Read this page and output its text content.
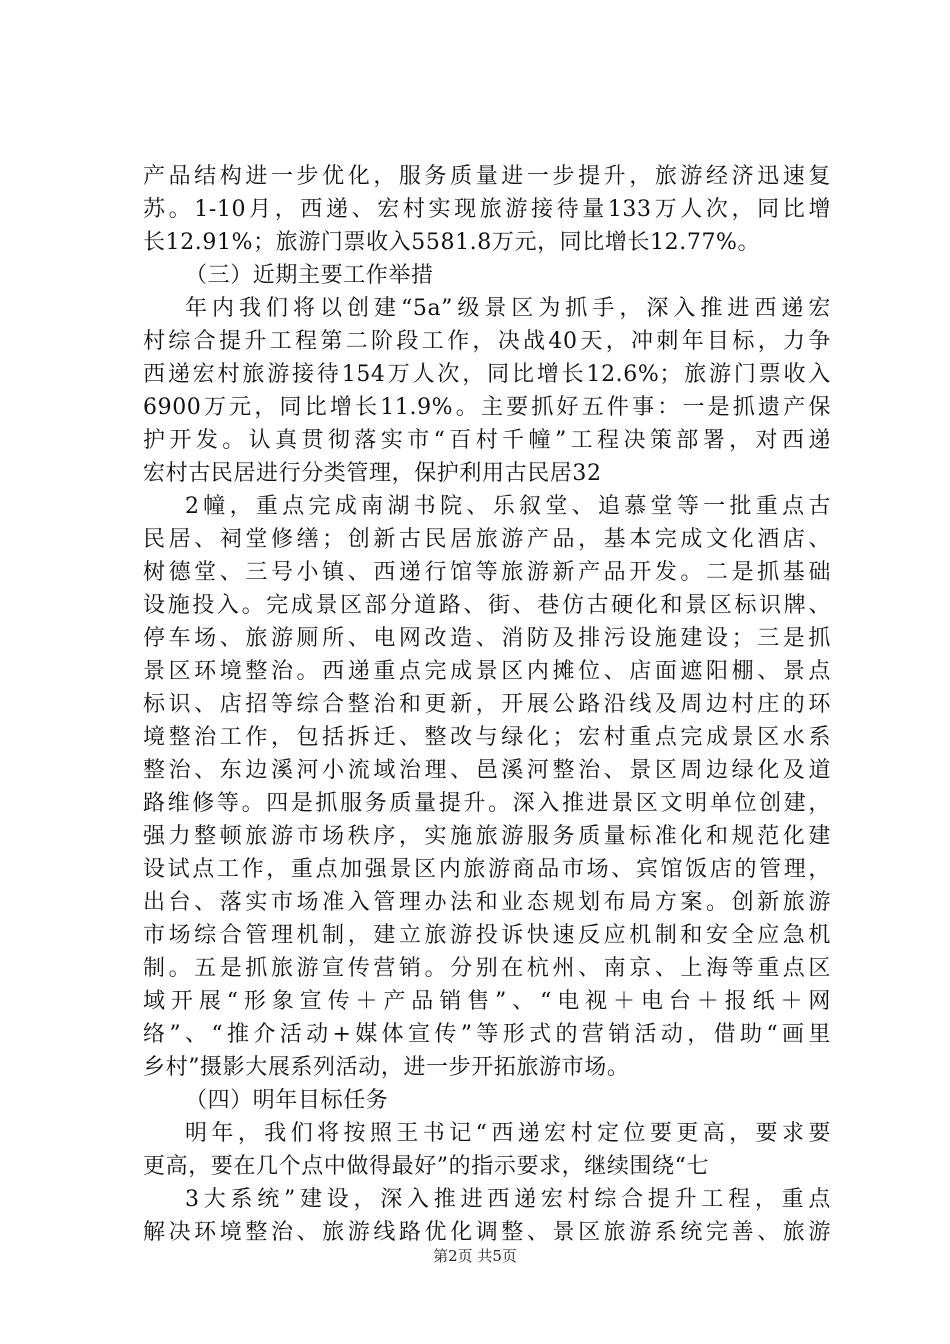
产品结构进一步优化，服务质量进一步提升，旅游经济迅速复
苏。1-10月，西递、宏村实现旅游接待量133万人次，同比增
长12.91%；旅游门票收入5581.8万元，同比增长12.77%。
（三）近期主要工作举措
年内我们将以创建“5a”级景区为抓手，深入推进西递宏
村综合提升工程第二阶段工作，决战40天，冲刺年目标，力争
西递宏村旅游接待154万人次，同比增长12.6%；旅游门票收入
6900万元，同比增长11.9%。主要抓好五件事：一是抓遗产保
护开发。认真贯彻落实市“百村千幢”工程决策部署，对西递
宏村古民居进行分类管理，保护利用古民居32
2幢，重点完成南湖书院、乐叙堂、追慕堂等一批重点古
民居、祠堂修缮；创新古民居旅游产品，基本完成文化酒店、
树德堂、三号小镇、西递行馆等旅游新产品开发。二是抓基础
设施投入。完成景区部分道路、街、巷仿古硬化和景区标识牌、
停车场、旅游厕所、电网改造、消防及排污设施建设；三是抓
景区环境整治。西递重点完成景区内摊位、店面遮阳棚、景点
标识、店招等综合整治和更新，开展公路沿线及周边村庄的环
境整治工作，包括拆迁、整改与绿化；宏村重点完成景区水系
整治、东边溪河小流域治理、邑溪河整治、景区周边绿化及道
路维修等。四是抓服务质量提升。深入推进景区文明单位创建，
强力整顿旅游市场秩序，实施旅游服务质量标准化和规范化建
设试点工作，重点加强景区内旅游商品市场、宾馆饭店的管理，
出台、落实市场准入管理办法和业态规划布局方案。创新旅游
市场综合管理机制，建立旅游投诉快速反应机制和安全应急机
制。五是抓旅游宣传营销。分别在杭州、南京、上海等重点区
域开展“形象宣传＋产品销售”、“电视＋电台＋报纸＋网
络”、“推介活动+媒体宣传”等形式的营销活动，借助“画里
乡村”摄影大展系列活动，进一步开拓旅游市场。
（四）明年目标任务
明年，我们将按照王书记“西递宏村定位要更高，要求要
更高，要在几个点中做得最好”的指示要求，继续围绕“七
3大系统”建设，深入推进西递宏村综合提升工程，重点
解决环境整治、旅游线路优化调整、景区旅游系统完善、旅游
第2页 共5页
